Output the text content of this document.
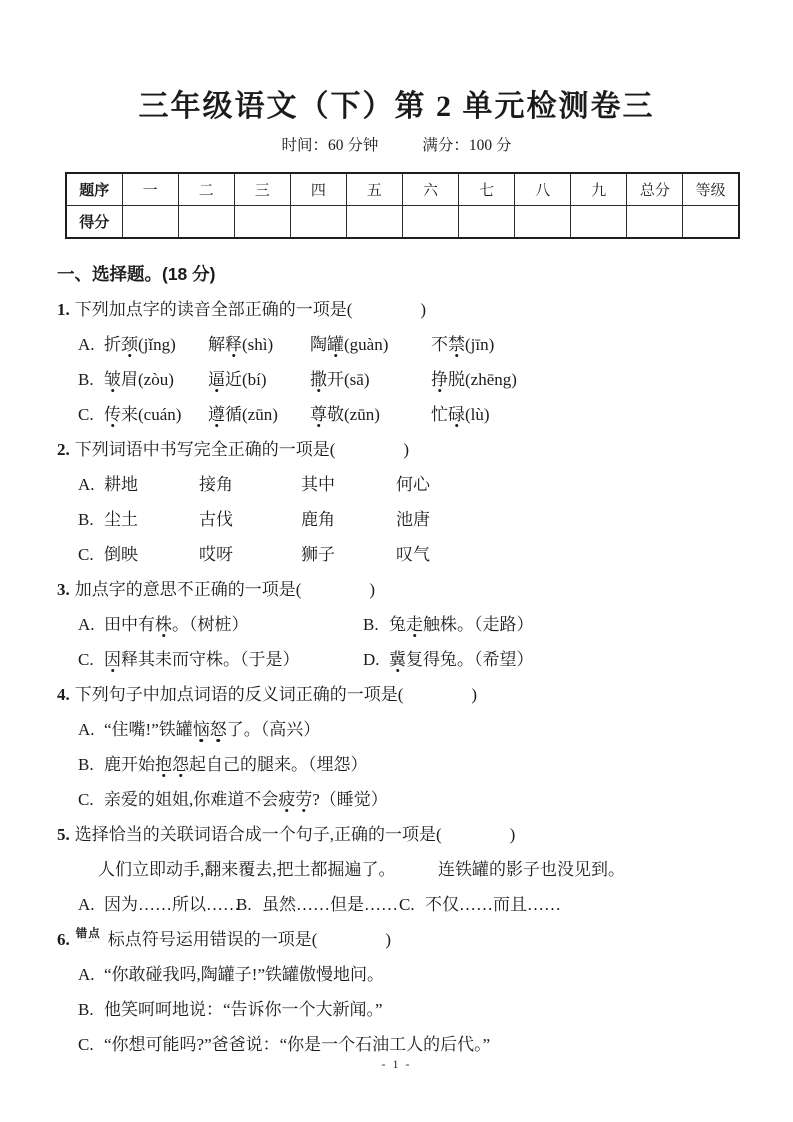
三年级语文（下）第 2 单元检测卷三
时间：60 分钟	满分：100 分
题序	一	二	三	四	五	六	七	八	九	总分	等级
得分											
一、选择题。(18 分)
1. 下列加点字的读音全部正确的一项是(　　　　)
A. 折颈(jǐng)	解释(shì)	陶罐(guàn)	不禁(jīn)
B. 皱眉(zòu)	逼近(bí)	撒开(sā)	挣脱(zhēng)
C. 传来(cuán)	遵循(zūn)	尊敬(zūn)	忙碌(lù)
2. 下列词语中书写完全正确的一项是(　　　　)
A. 耕地	接角	其中	何心
B. 尘土	古伐	鹿角	池唐
C. 倒映	哎呀	狮子	叹气
3. 加点字的意思不正确的一项是(　　　　)
A. 田中有株。（树桩）	B. 兔走触株。（走路）
C. 因释其耒而守株。（于是）	D. 冀复得兔。（希望）
4. 下列句子中加点词语的反义词正确的一项是(　　　　)
A. “住嘴!”铁罐恼怒了。（高兴）
B. 鹿开始抱怨起自己的腿来。（埋怨）
C. 亲爱的姐姐,你难道不会疲劳?（睡觉）
5. 选择恰当的关联词语合成一个句子,正确的一项是(　　　　)
人们立即动手,翻来覆去,把土都掘遍了。　　　连铁罐的影子也没见到。
A. 因为……所以……
B. 虽然……但是…… C. 不仅……而且……
6. 错点
········ 标点符号运用错误的一项是(　　　　)
A. “你敢碰我吗,陶罐子!”铁罐傲慢地问。
B. 他笑呵呵地说：“告诉你一个大新闻。”
C. “你想可能吗?”爸爸说：“你是一个石油工人的后代。”
- 1 -
